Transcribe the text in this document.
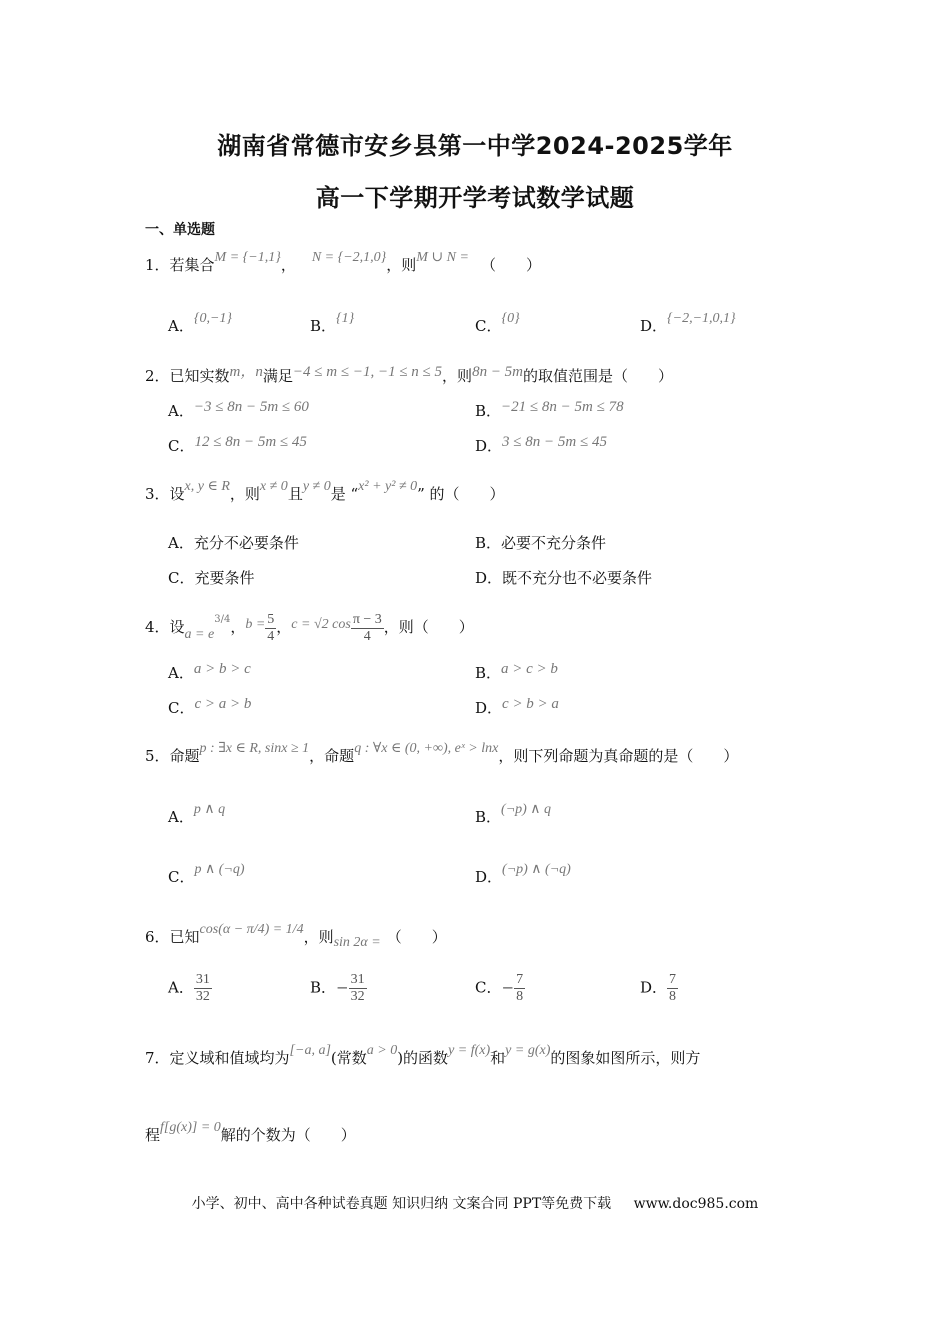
湖南省常德市安乡县第一中学2024-2025学年
高一下学期开学考试数学试题
一、单选题
1．若集合M = {−1,1}， N = {−2,1,0}，则M ∪ N = （　　）
A．{0,−1}	B．{1}	C．{0}	D．{−2,−1,0,1}
2．已知实数m，n满足−4 ≤ m ≤ −1, −1 ≤ n ≤ 5，则8n − 5m的取值范围是（　　）
A．−3 ≤ 8n − 5m ≤ 60	B．−21 ≤ 8n − 5m ≤ 78
C．12 ≤ 8n − 5m ≤ 45	D．3 ≤ 8n − 5m ≤ 45
3．设x, y ∈ R，则x ≠ 0且y ≠ 0是 “x² + y² ≠ 0” 的（　　）
A．充分不必要条件	B．必要不充分条件
C．充要条件	D．既不充分也不必要条件
4．设$a = e^{3/4}$，$b = \frac{5}{4}$ ，c = √2 $\cos \frac{\pi - 3}{4}$ ，则（　　）
A．a > b > c	B．a > c > b
C．c > a > b	D．c > b > a
5．命题p : ∃x ∈ R, sinx ≥ 1，命题q : ∀x ∈ (0, +∞), eˣ > lnx，则下列命题为真命题的是（　　）
A．p ∧ q	B．(¬p) ∧ q
C．p ∧ (¬q)	D．(¬p) ∧ (¬q)
6．已知cos(α − π/4) = 1/4，则sin 2α = （　　）
A． $\frac{31}{32}$	B．− $\frac{31}{32}$	C．− $\frac{7}{8}$	D． $\frac{7}{8}$
7．定义域和值域均为[−a, a](常数a > 0)的函数y = f(x)和y = g(x)的图象如图所示，则方
程f[g(x)] = 0解的个数为（　　）
小学、初中、高中各种试卷真题 知识归纳 文案合同 PPT等免费下载 www.doc985.com
